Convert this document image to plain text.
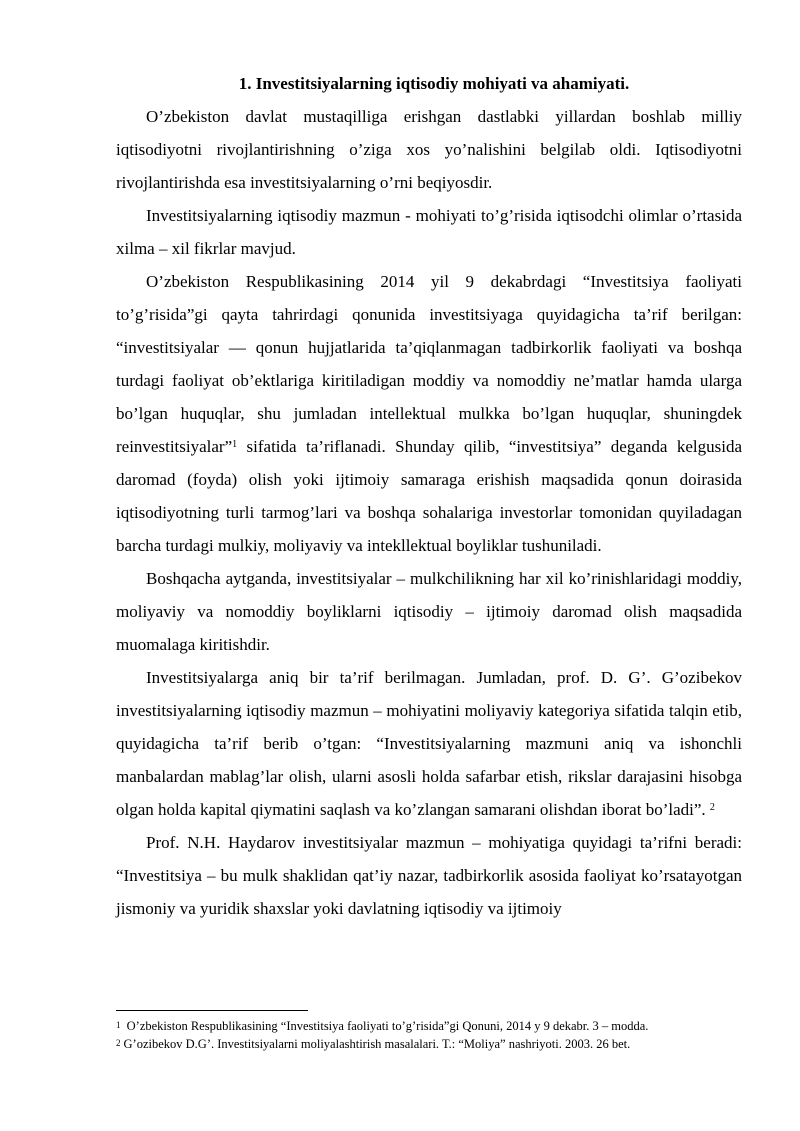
1. Investitsiyalarning iqtisodiy mohiyati va ahamiyati.

O’zbekiston davlat mustaqilliga erishgan dastlabki yillardan boshlab milliy iqtisodiyotni rivojlantirishning o’ziga xos yo’nalishini belgilab oldi. Iqtisodiyotni rivojlantirishda esa investitsiyalarning o’rni beqiyosdir.

Investitsiyalarning iqtisodiy mazmun - mohiyati to’g’risida iqtisodchi olimlar o’rtasida xilma – xil fikrlar mavjud.

O’zbekiston Respublikasining 2014 yil 9 dekabrdagi “Investitsiya faoliyati to’g’risida”gi qayta tahrirdagi qonunida investitsiyaga quyidagicha ta’rif berilgan: “investitsiyalar — qonun hujjatlarida ta’qiqlanmagan tadbirkorlik faoliyati va boshqa turdagi faoliyat ob’ektlariga kiritiladigan moddiy va nomoddiy ne’matlar hamda ularga bo’lgan huquqlar, shu jumladan intellektual mulkka bo’lgan huquqlar, shuningdek reinvestitsiyalar”$^1$ sifatida ta’riflanadi. Shunday qilib, “investitsiya” deganda kelgusida daromad (foyda) olish yoki ijtimoiy samaraga erishish maqsadida qonun doirasida iqtisodiyotning turli tarmog’lari va boshqa sohalariga investorlar tomonidan quyiladagan barcha turdagi mulkiy, moliyaviy va intekllektual boyliklar tushuniladi.

Boshqacha aytganda, investitsiyalar – mulkchilikning har xil ko’rinishlaridagi moddiy, moliyaviy va nomoddiy boyliklarni iqtisodiy – ijtimoiy daromad olish maqsadida muomalaga kiritishdir.

Investitsiyalarga aniq bir ta’rif berilmagan. Jumladan, prof. D. G’. G’ozibekov investitsiyalarning iqtisodiy mazmun – mohiyatini moliyaviy kategoriya sifatida talqin etib, quyidagicha ta’rif berib o’tgan: “Investitsiyalarning mazmuni aniq va ishonchli manbalardan mablag’lar olish, ularni asosli holda safarbar etish, rikslar darajasini hisobga olgan holda kapital qiymatini saqlash va ko’zlangan samarani olishdan iborat bo’ladi”. $^2$

Prof. N.H. Haydarov investitsiyalar mazmun – mohiyatiga quyidagi ta’rifni beradi: “Investitsiya – bu mulk shaklidan qat’iy nazar, tadbirkorlik asosida faoliyat ko’rsatayotgan jismoniy va yuridik shaxslar yoki davlatning iqtisodiy va ijtimoiy

$^1$ O’zbekiston Respublikasining “Investitsiya faoliyati to’g’risida”gi Qonuni, 2014 y 9 dekabr. 3 – modda.

$^2$ G’ozibekov D.G’. Investitsiyalarni moliyalashtirish masalalari. T.: “Moliya” nashriyoti. 2003. 26 bet.
